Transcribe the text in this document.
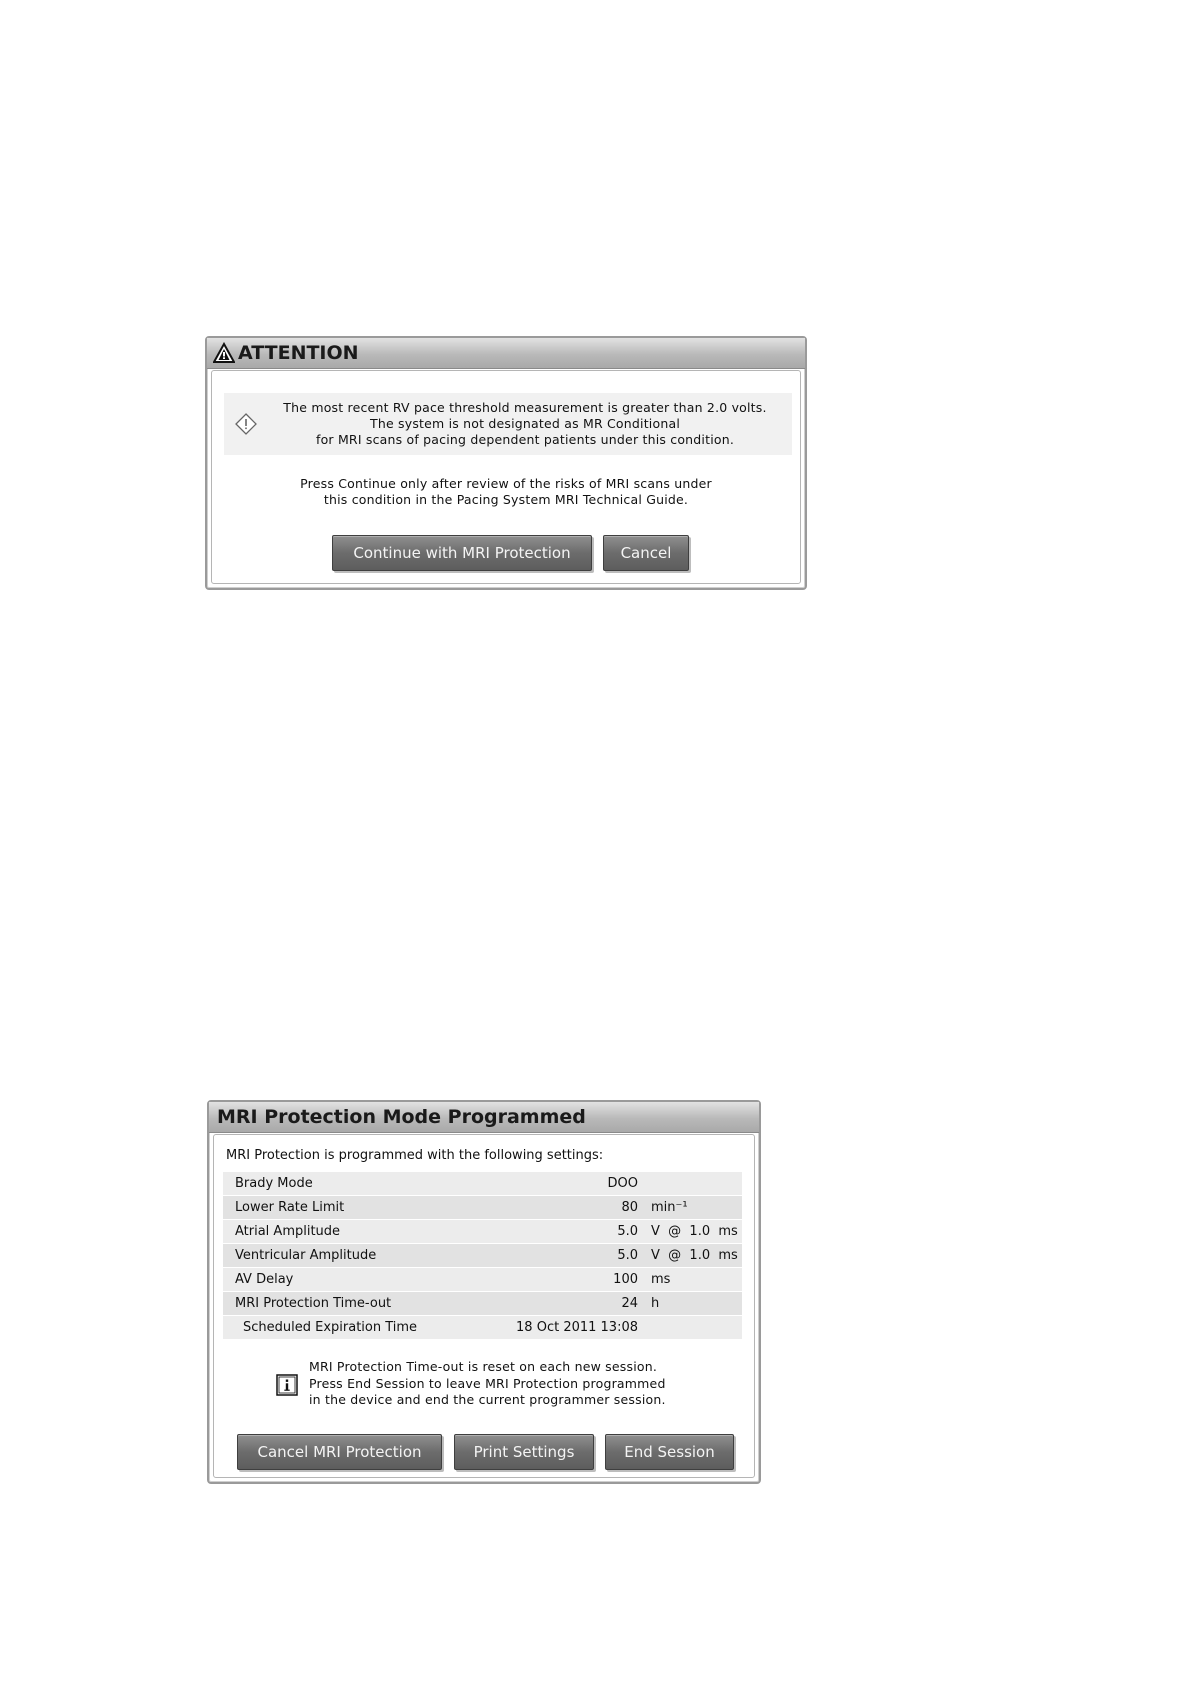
ATTENTION
The most recent RV pace threshold measurement is greater than 2.0 volts.
The system is not designated as MR Conditional
for MRI scans of pacing dependent patients under this condition.
Press Continue only after review of the risks of MRI scans under
this condition in the Pacing System MRI Technical Guide.
Continue with MRI Protection	Cancel
MRI Protection Mode Programmed
MRI Protection is programmed with the following settings:
Brady Mode	DOO
Lower Rate Limit	80 min⁻¹
Atrial Amplitude	5.0 V  @  1.0  ms
Ventricular Amplitude	5.0 V  @  1.0  ms
AV Delay	100 ms
MRI Protection Time-out	24 h
Scheduled Expiration Time	18 Oct 2011 13:08
MRI Protection Time-out is reset on each new session.
Press End Session to leave MRI Protection programmed
in the device and end the current programmer session.
Cancel MRI Protection	Print Settings	End Session
